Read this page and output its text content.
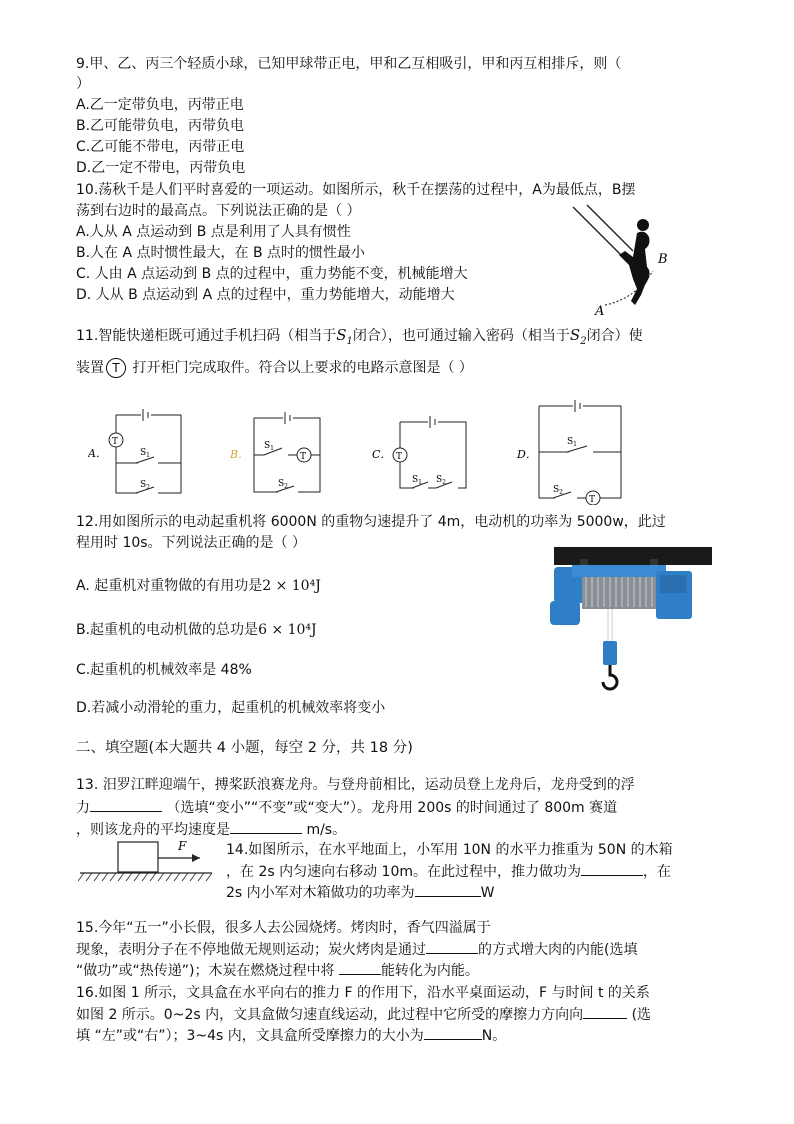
9.甲、乙、丙三个轻质小球，已知甲球带正电，甲和乙互相吸引，甲和丙互相排斥，则（
）
A.乙一定带负电，丙带正电
B.乙可能带负电，丙带负电
C.乙可能不带电，丙带正电
D.乙一定不带电，丙带负电
10.荡秋千是人们平时喜爱的一项运动。如图所示，秋千在摆荡的过程中，A为最低点，B摆
荡到右边时的最高点。下列说法正确的是（ ）
A.人从 A 点运动到 B 点是利用了人具有惯性
B.人在 A 点时惯性最大，在 B 点时的惯性最小
C. 人由 A 点运动到 B 点的过程中，重力势能不变，机械能增大
D. 人从 B 点运动到 A 点的过程中，重力势能增大，动能增大
B
A
11.智能快递柜既可通过手机扫码（相当于$S_1$闭合），也可通过输入密码（相当于$S_2$闭合）使
装置 T 打开柜门完成取件。符合以上要求的电路示意图是（ ）
A．
T
$S_1$
$S_2$
B．
$S_1$
T
$S_2$
C． T
$S_1$ $S_2$
D．
$S_1$
$S_2$
T
12.用如图所示的电动起重机将 6000N 的重物匀速提升了 4m，电动机的功率为 5000w，此过
程用时 10s。下列说法正确的是（ ）
A. 起重机对重物做的有用功是2 × 10⁴J
B.起重机的电动机做的总功是6 × 10⁴J
C.起重机的机械效率是 48%
D.若减小动滑轮的重力，起重机的机械效率将变小
二、填空题(本大题共 4 小题，每空 2 分，共 18 分)
13. 汨罗江畔迎端午，搏桨跃浪赛龙舟。与登舟前相比，运动员登上龙舟后，龙舟受到的浮
力	（选填“变小”“不变”或“变大”）。龙舟用 200s 的时间通过了 800m 赛道
，则该龙舟的平均速度是	m/s。
F	14.如图所示，在水平地面上，小军用 10N 的水平力推重为 50N 的木箱
，在 2s 内匀速向右移动 10m。在此过程中，推力做功为	，在
2s 内小军对木箱做功的功率为	W
15.今年“五一”小长假，很多人去公园烧烤。烤肉时，香气四溢属于
现象，表明分子在不停地做无规则运动；炭火烤肉是通过	的方式增大肉的内能(选填
“做功”或“热传递”)；木炭在燃烧过程中将	能转化为内能。
16.如图 1 所示，文具盒在水平向右的推力 F 的作用下，沿水平桌面运动，F 与时间 t 的关系
如图 2 所示。0~2s 内，文具盒做匀速直线运动，此过程中它所受的摩擦力方向向	(选
填 “左”或“右”）；3~4s 内，文具盒所受摩擦力的大小为	N。
